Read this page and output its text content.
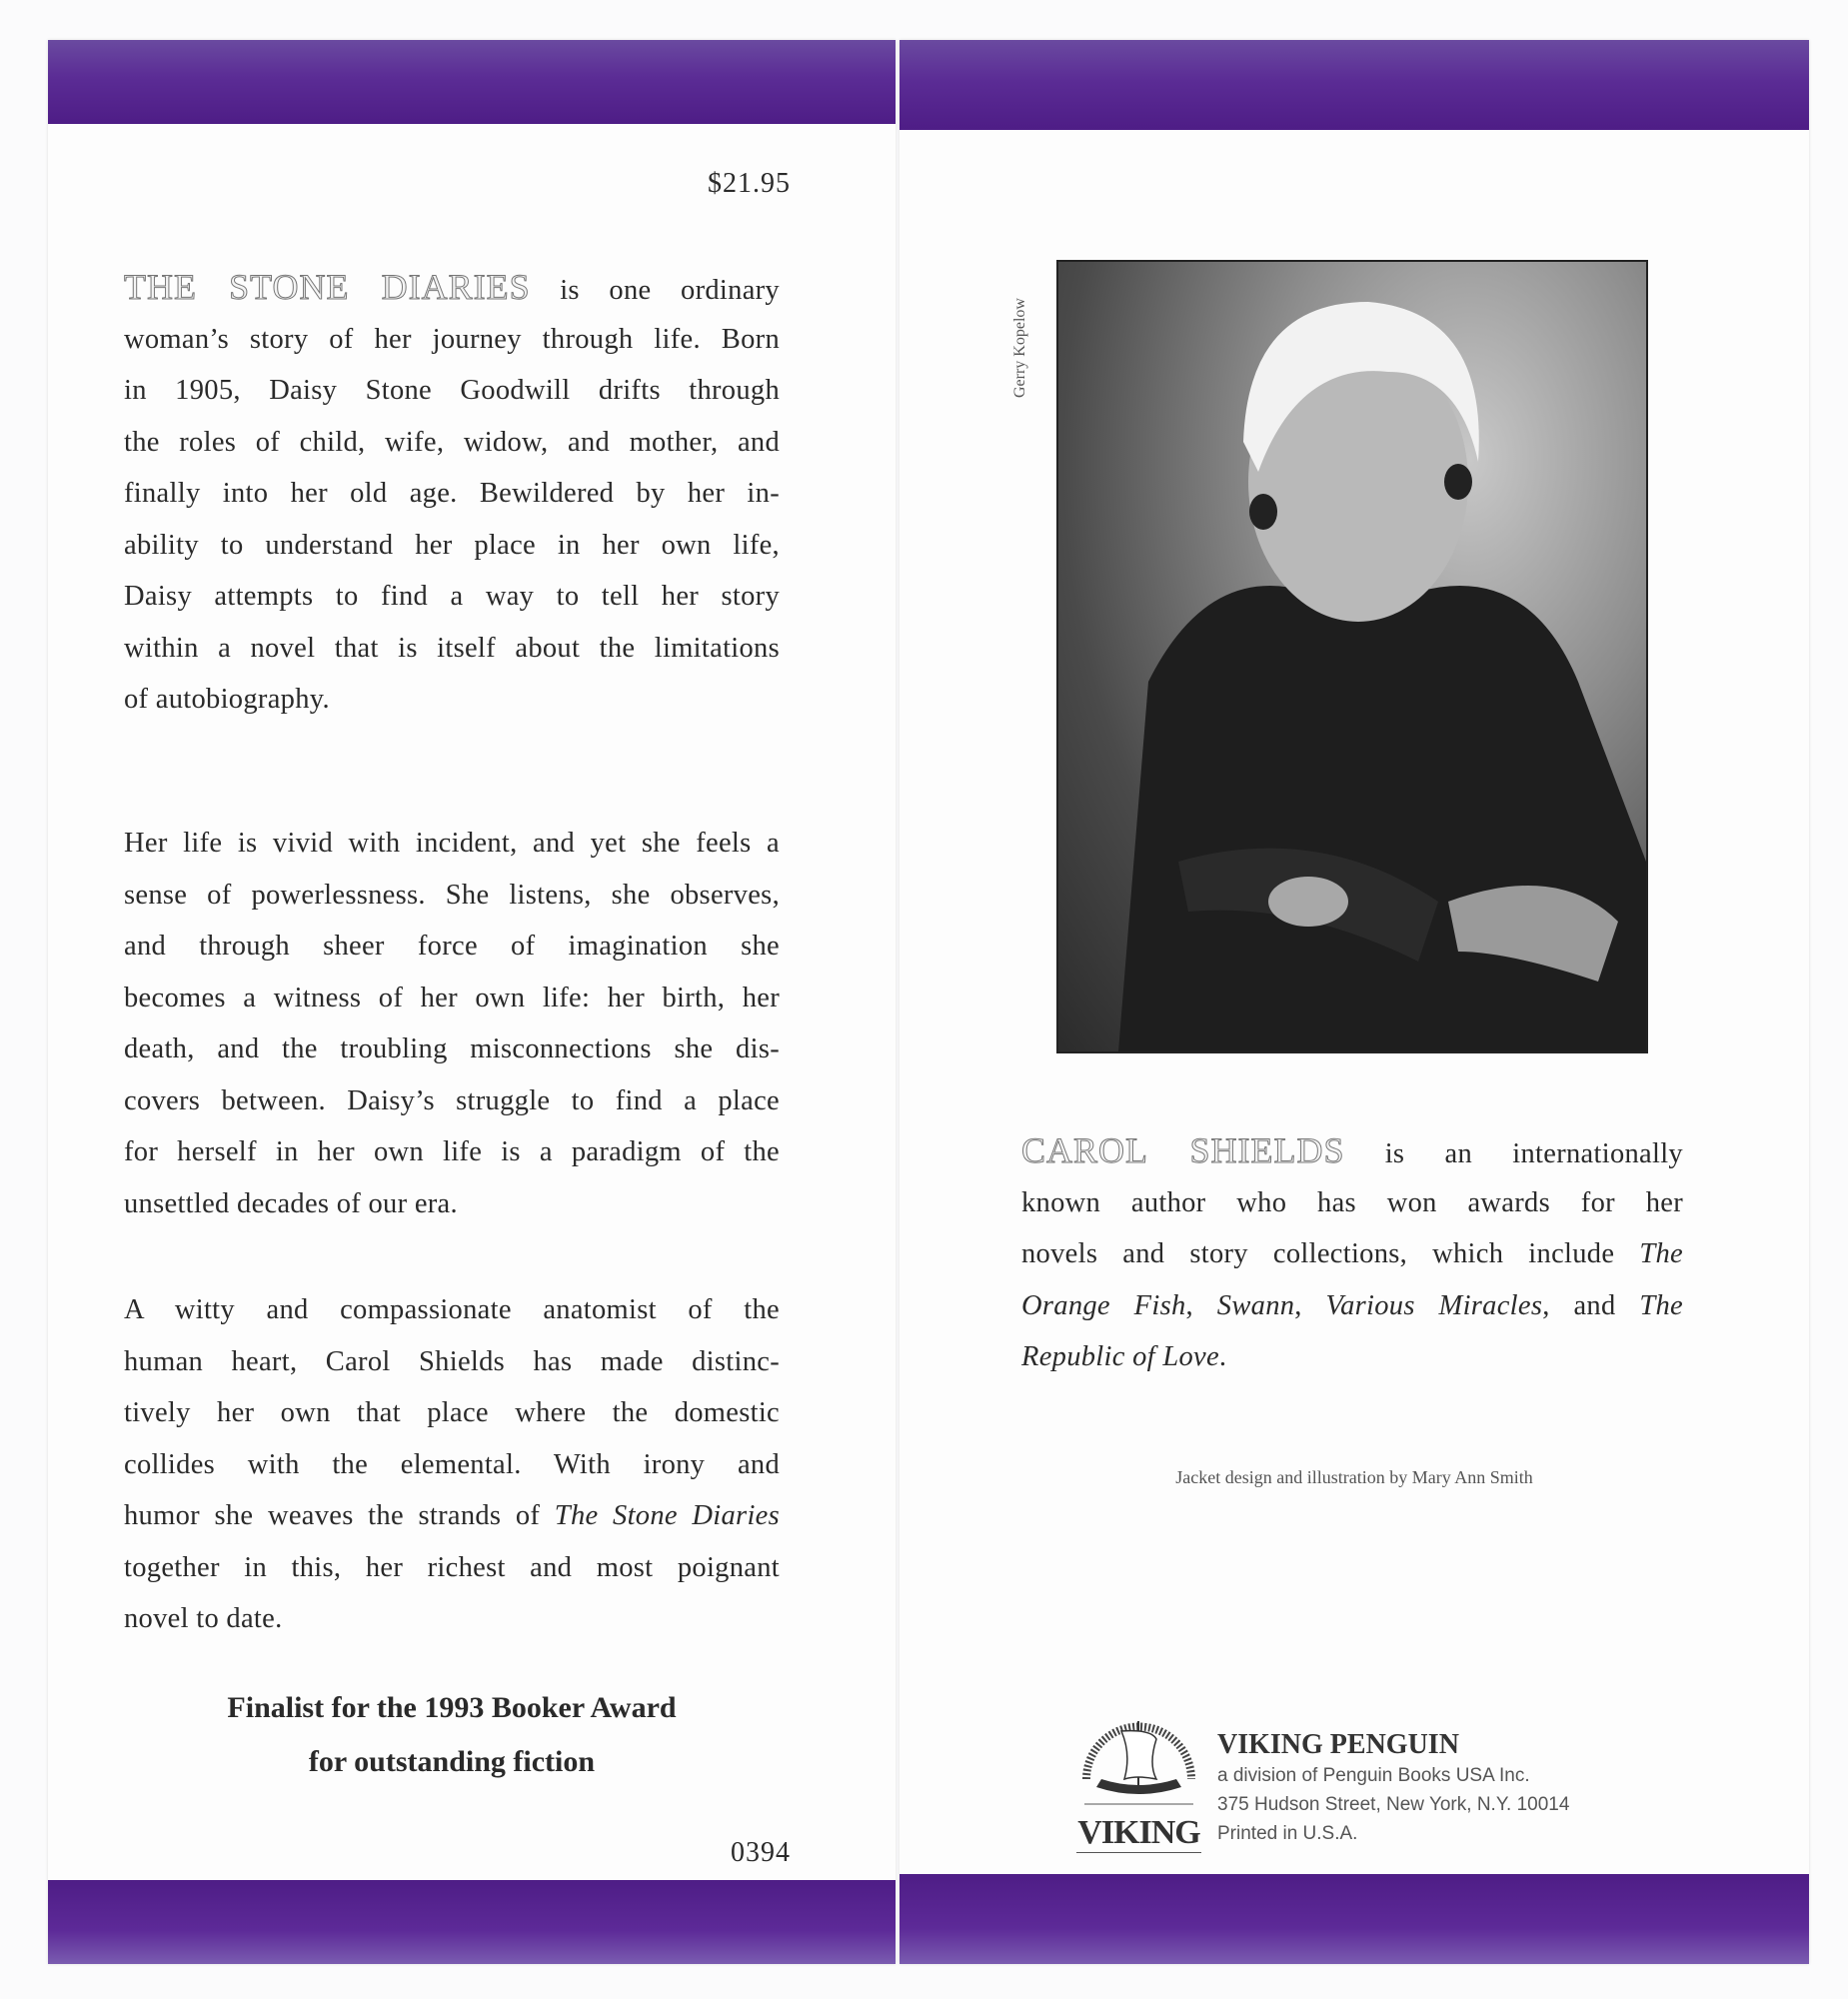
$21.95
THE STONE DIARIES is one ordinary
woman’s story of her journey through life. Born
in 1905, Daisy Stone Goodwill drifts through
the roles of child, wife, widow, and mother, and
finally into her old age. Bewildered by her in-
ability to understand her place in her own life,
Daisy attempts to find a way to tell her story
within a novel that is itself about the limitations
of autobiography.
Her life is vivid with incident, and yet she feels a
sense of powerlessness. She listens, she observes,
and through sheer force of imagination she
becomes a witness of her own life: her birth, her
death, and the troubling misconnections she dis-
covers between. Daisy’s struggle to find a place
for herself in her own life is a paradigm of the
unsettled decades of our era.
A witty and compassionate anatomist of the
human heart, Carol Shields has made distinc-
tively her own that place where the domestic
collides with the elemental. With irony and
humor she weaves the strands of The Stone Diaries
together in this, her richest and most poignant
novel to date.
Finalist for the 1993 Booker Award
for outstanding fiction
0394
Gerry Kopelow
CAROL SHIELDS is an internationally
known author who has won awards for her
novels and story collections, which include The
Orange Fish, Swann, Various Miracles, and The
Republic of Love.
Jacket design and illustration by Mary Ann Smith
VIKING
VIKING PENGUIN
a division of Penguin Books USA Inc.
375 Hudson Street, New York, N.Y. 10014
Printed in U.S.A.
